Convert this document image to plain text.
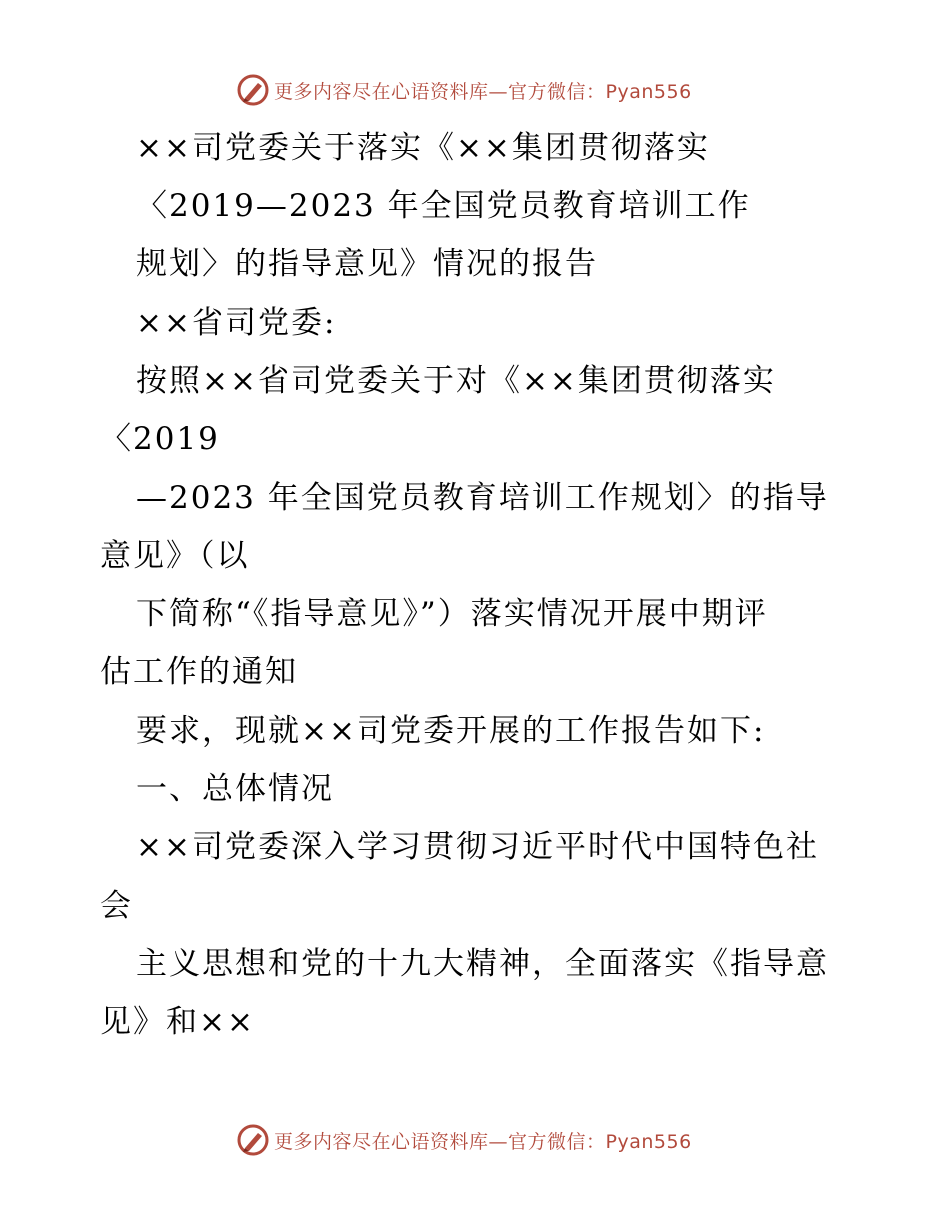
更多内容尽在心语资料库—官方微信：Pyan556
××司党委关于落实《××集团贯彻落实
〈2019—2023 年全国党员教育培训工作
规划〉的指导意见》情况的报告
××省司党委:
按照××省司党委关于对《××集团贯彻落实
〈2019
—2023 年全国党员教育培训工作规划〉的指导
意见》（以
下简称“《指导意见》”）落实情况开展中期评
估工作的通知
要求，现就××司党委开展的工作报告如下:
一、总体情况
××司党委深入学习贯彻习近平时代中国特色社
会
主义思想和党的十九大精神，全面落实《指导意
见》和××
更多内容尽在心语资料库—官方微信：Pyan556
